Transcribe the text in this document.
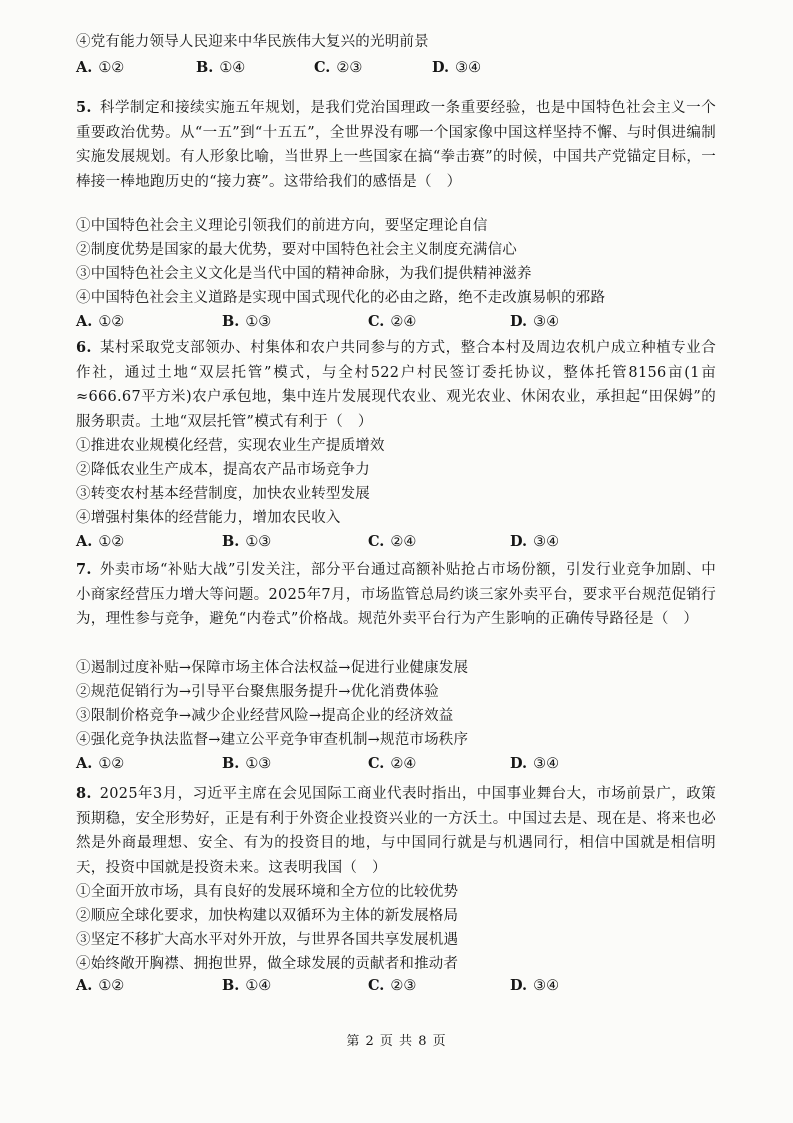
④党有能力领导人民迎来中华民族伟大复兴的光明前景
A. ①②	B. ①④	C. ②③	D. ③④
5. 科学制定和接续实施五年规划，是我们党治国理政一条重要经验，也是中国特色社会主义一个重要政治优势。从“一五”到“十五五”，全世界没有哪一个国家像中国这样坚持不懈、与时俱进编制实施发展规划。有人形象比喻，当世界上一些国家在搞“拳击赛”的时候，中国共产党锚定目标，一棒接一棒地跑历史的“接力赛”。这带给我们的感悟是（　）
①中国特色社会主义理论引领我们的前进方向，要坚定理论自信
②制度优势是国家的最大优势，要对中国特色社会主义制度充满信心
③中国特色社会主义文化是当代中国的精神命脉，为我们提供精神滋养
④中国特色社会主义道路是实现中国式现代化的必由之路，绝不走改旗易帜的邪路
A. ①②	B. ①③	C. ②④	D. ③④
6. 某村采取党支部领办、村集体和农户共同参与的方式，整合本村及周边农机户成立种植专业合作社，通过土地“双层托管”模式，与全村522户村民签订委托协议，整体托管8156亩(1亩≈666.67平方米)农户承包地，集中连片发展现代农业、观光农业、休闲农业，承担起“田保姆”的服务职责。土地“双层托管”模式有利于（　）
①推进农业规模化经营，实现农业生产提质增效
②降低农业生产成本，提高农产品市场竞争力
③转变农村基本经营制度，加快农业转型发展
④增强村集体的经营能力，增加农民收入
A. ①②	B. ①③	C. ②④	D. ③④
7. 外卖市场“补贴大战”引发关注，部分平台通过高额补贴抢占市场份额，引发行业竞争加剧、中小商家经营压力增大等问题。2025年7月，市场监管总局约谈三家外卖平台，要求平台规范促销行为，理性参与竞争，避免“内卷式”价格战。规范外卖平台行为产生影响的正确传导路径是（　）
①遏制过度补贴→保障市场主体合法权益→促进行业健康发展
②规范促销行为→引导平台聚焦服务提升→优化消费体验
③限制价格竞争→减少企业经营风险→提高企业的经济效益
④强化竞争执法监督→建立公平竞争审查机制→规范市场秩序
A. ①②	B. ①③	C. ②④	D. ③④
8. 2025年3月，习近平主席在会见国际工商业代表时指出，中国事业舞台大，市场前景广，政策预期稳，安全形势好，正是有利于外资企业投资兴业的一方沃土。中国过去是、现在是、将来也必然是外商最理想、安全、有为的投资目的地，与中国同行就是与机遇同行，相信中国就是相信明天，投资中国就是投资未来。这表明我国（　）
①全面开放市场，具有良好的发展环境和全方位的比较优势
②顺应全球化要求，加快构建以双循环为主体的新发展格局
③坚定不移扩大高水平对外开放，与世界各国共享发展机遇
④始终敞开胸襟、拥抱世界，做全球发展的贡献者和推动者
A. ①②	B. ①④	C. ②③	D. ③④
第 2 页 共 8 页
